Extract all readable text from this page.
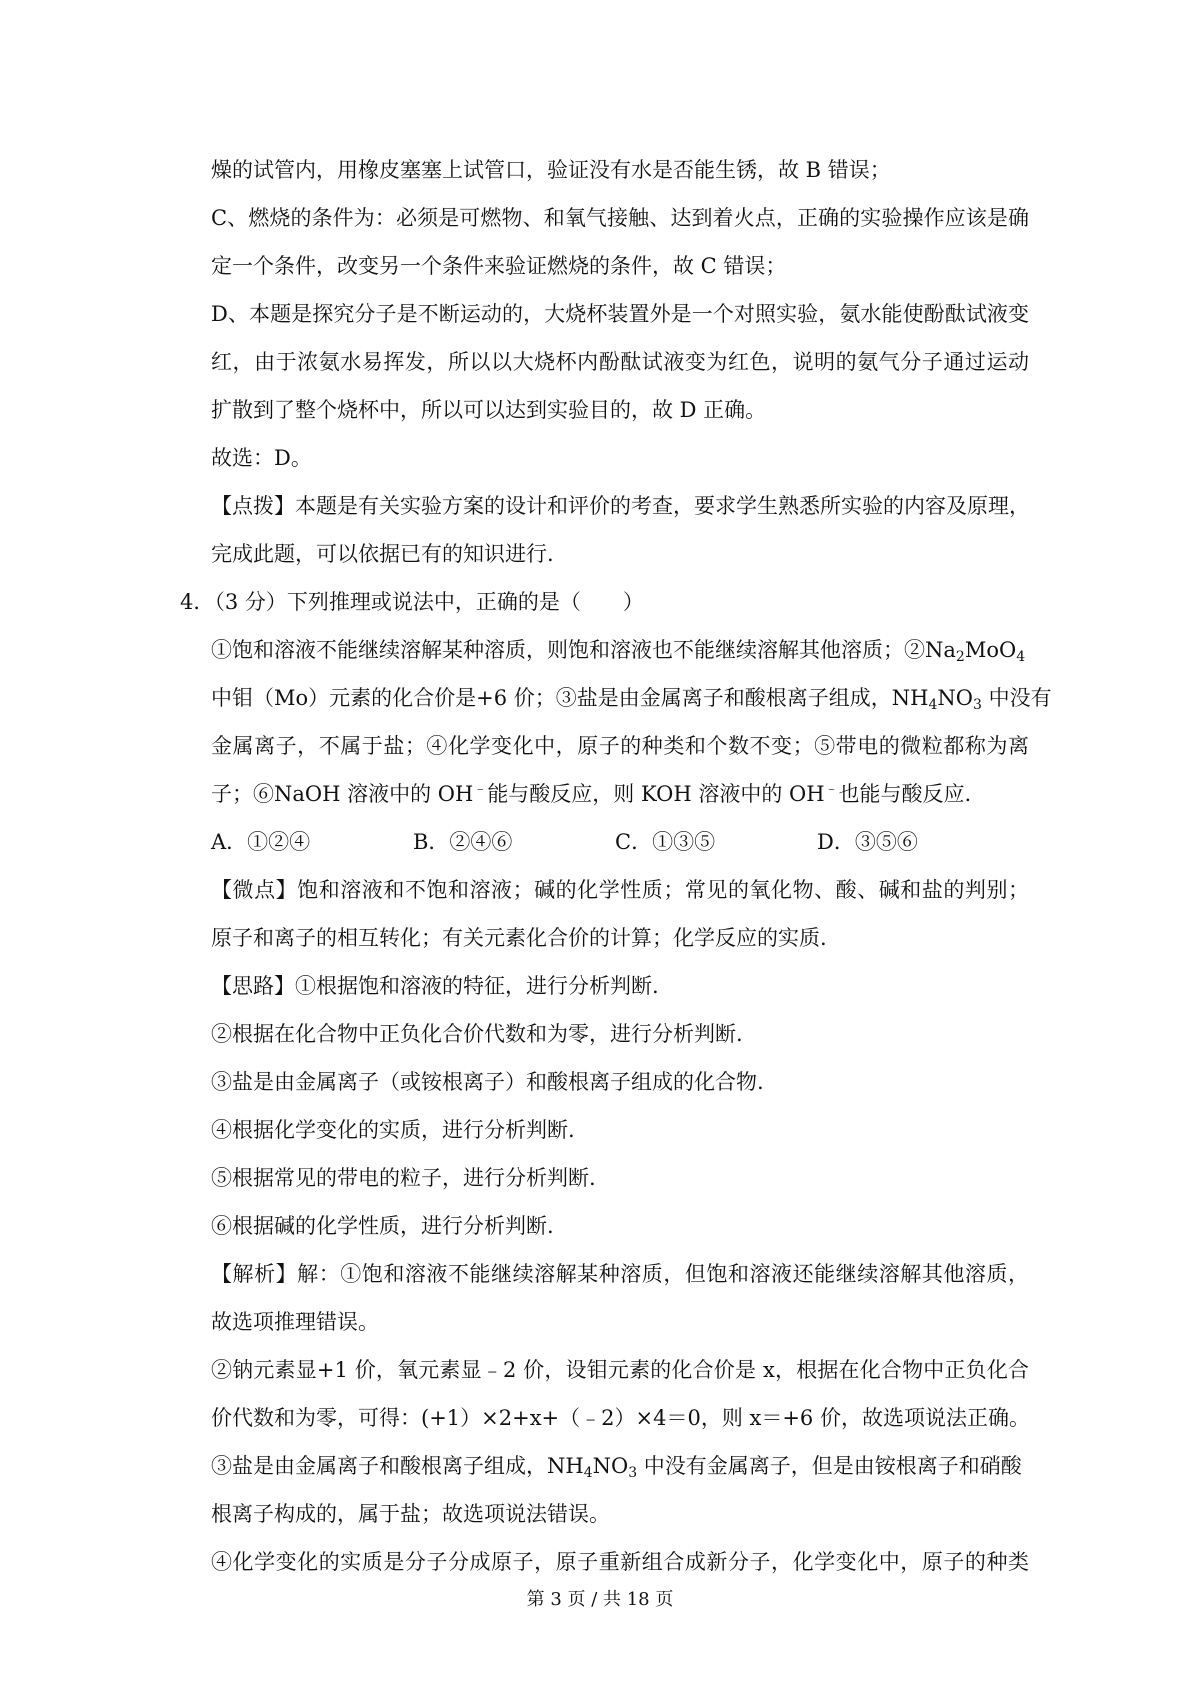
燥的试管内，用橡皮塞塞上试管口，验证没有水是否能生锈，故 B 错误；
C、燃烧的条件为：必须是可燃物、和氧气接触、达到着火点，正确的实验操作应该是确
定一个条件，改变另一个条件来验证燃烧的条件，故 C 错误；
D、本题是探究分子是不断运动的，大烧杯装置外是一个对照实验，氨水能使酚酞试液变
红，由于浓氨水易挥发，所以以大烧杯内酚酞试液变为红色，说明的氨气分子通过运动
扩散到了整个烧杯中，所以可以达到实验目的，故 D 正确。
故选：D。
【点拨】本题是有关实验方案的设计和评价的考查，要求学生熟悉所实验的内容及原理，
完成此题，可以依据已有的知识进行.
4．（3 分）下列推理或说法中，正确的是（　　）
①饱和溶液不能继续溶解某种溶质，则饱和溶液也不能继续溶解其他溶质；$②Na_2MoO_4$
中钼（Mo）元素的化合价是+6 价；③盐是由金属离子和酸根离子组成，$NH_4NO_3$ 中没有
金属离子，不属于盐；④化学变化中，原子的种类和个数不变；⑤带电的微粒都称为离
子；⑥NaOH 溶液中的 OH﹣能与酸反应，则 KOH 溶液中的 OH﹣也能与酸反应.
A．①②④	B．②④⑥	C．①③⑤	D．③⑤⑥
【微点】饱和溶液和不饱和溶液；碱的化学性质；常见的氧化物、酸、碱和盐的判别；
原子和离子的相互转化；有关元素化合价的计算；化学反应的实质.
【思路】①根据饱和溶液的特征，进行分析判断.
②根据在化合物中正负化合价代数和为零，进行分析判断.
③盐是由金属离子（或铵根离子）和酸根离子组成的化合物.
④根据化学变化的实质，进行分析判断.
⑤根据常见的带电的粒子，进行分析判断.
⑥根据碱的化学性质，进行分析判断.
【解析】解：①饱和溶液不能继续溶解某种溶质，但饱和溶液还能继续溶解其他溶质，
故选项推理错误。
②钠元素显+1 价，氧元素显﹣2 价，设钼元素的化合价是 x，根据在化合物中正负化合
价代数和为零，可得：(+1）×2+x+（﹣2）×4＝0，则 x＝+6 价，故选项说法正确。
③盐是由金属离子和酸根离子组成，$NH_4NO_3$ 中没有金属离子，但是由铵根离子和硝酸
根离子构成的，属于盐；故选项说法错误。
④化学变化的实质是分子分成原子，原子重新组合成新分子，化学变化中，原子的种类
第 3 页 / 共 18 页
